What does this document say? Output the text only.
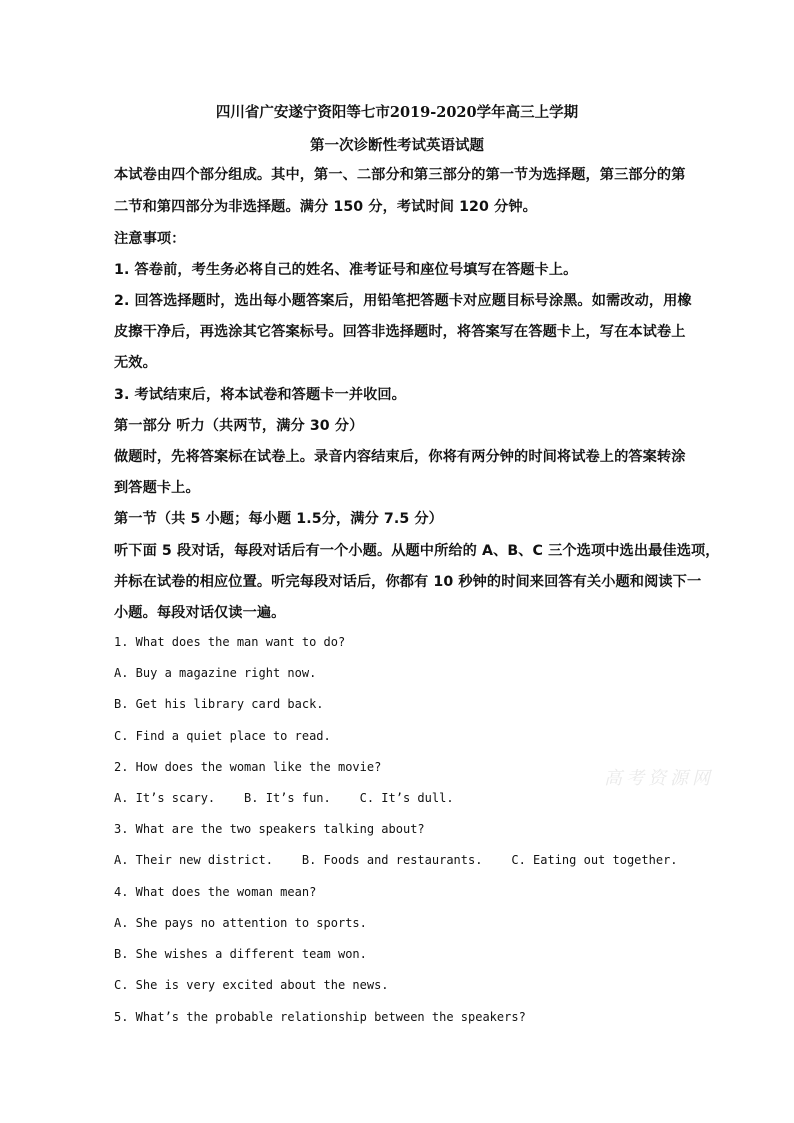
四川省广安遂宁资阳等七市2019-2020学年高三上学期
第一次诊断性考试英语试题
本试卷由四个部分组成。其中，第一、二部分和第三部分的第一节为选择题，第三部分的第
二节和第四部分为非选择题。满分 150 分，考试时间 120 分钟。
注意事项：
1. 答卷前，考生务必将自己的姓名、准考证号和座位号填写在答题卡上。
2. 回答选择题时，选出每小题答案后，用铅笔把答题卡对应题目标号涂黑。如需改动，用橡
皮擦干净后，再选涂其它答案标号。回答非选择题时，将答案写在答题卡上，写在本试卷上
无效。
3. 考试结束后，将本试卷和答题卡一并收回。
第一部分 听力（共两节，满分 30 分）
做题时，先将答案标在试卷上。录音内容结束后，你将有两分钟的时间将试卷上的答案转涂
到答题卡上。
第一节（共 5 小题；每小题 1.5分，满分 7.5 分）
听下面 5 段对话，每段对话后有一个小题。从题中所给的 A、B、C 三个选项中选出最佳选项，
并标在试卷的相应位置。听完每段对话后，你都有 10 秒钟的时间来回答有关小题和阅读下一
小题。每段对话仅读一遍。
1. What does the man want to do?
A. Buy a magazine right now.
B. Get his library card back.
C. Find a quiet place to read.
2. How does the woman like the movie?
A. It’s scary.    B. It’s fun.    C. It’s dull.
3. What are the two speakers talking about?
A. Their new district.    B. Foods and restaurants.    C. Eating out together.
4. What does the woman mean?
A. She pays no attention to sports.
B. She wishes a different team won.
C. She is very excited about the news.
5. What’s the probable relationship between the speakers?
高考资源网
